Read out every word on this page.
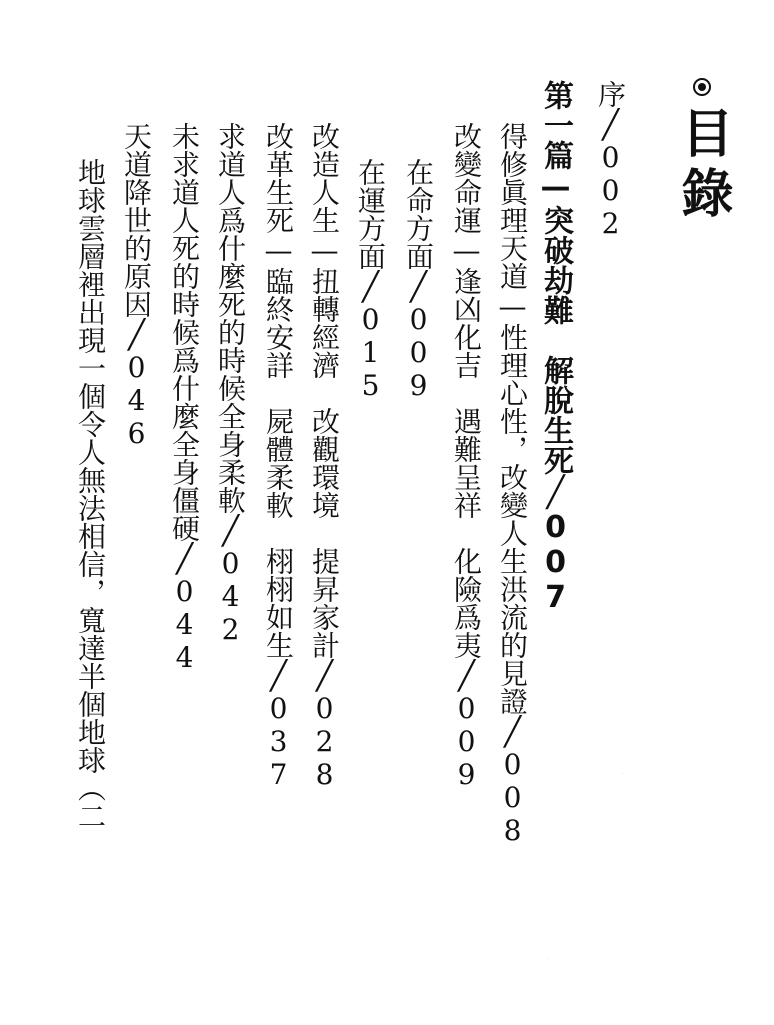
目錄
序╱002
第一篇—突破劫難　解脫生死╱007
得修眞理天道—性理心性，改變人生洪流的見證╱008
改變命運—逢凶化吉　遇難呈祥　化險爲夷╱009
在命方面╱009
在運方面╱015
改造人生—扭轉經濟　改觀環境　提昇家計╱028
改革生死—臨終安詳　屍體柔軟　栩栩如生╱037
求道人爲什麼死的時候全身柔軟╱042
未求道人死的時候爲什麼全身僵硬╱044
天道降世的原因╱046
地球雲層裡出現一個令人無法相信，寬達半個地球（二	.
.
